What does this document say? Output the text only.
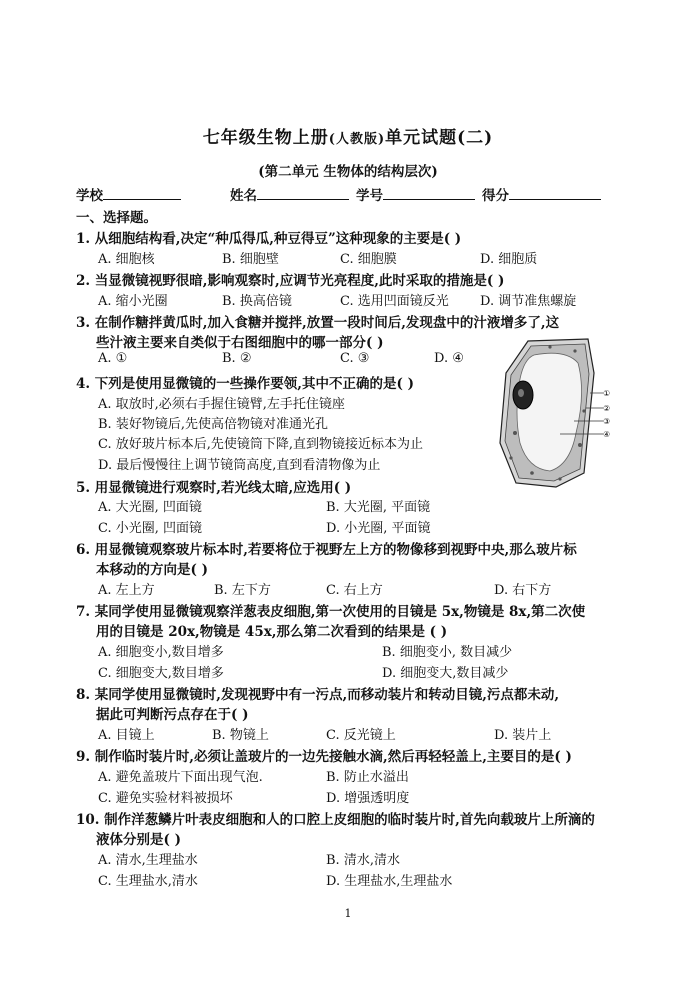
七年级生物上册(人教版)单元试题(二)
(第二单元 生物体的结构层次)
学校	姓名	学号	得分
一、选择题。
1. 从细胞结构看,决定“种瓜得瓜,种豆得豆”这种现象的主要是( )
A. 细胞核	B. 细胞壁	C. 细胞膜	D. 细胞质
2. 当显微镜视野很暗,影响观察时,应调节光亮程度,此时采取的措施是( )
A. 缩小光圈	B. 换高倍镜	C. 选用凹面镜反光 D. 调节准焦螺旋
3. 在制作糖拌黄瓜时,加入食糖并搅拌,放置一段时间后,发现盘中的汁液增多了,这
些汁液主要来自类似于右图细胞中的哪一部分( )
A. ①	B. ②	C. ③	D. ④
①
②
③
④
4. 下列是使用显微镜的一些操作要领,其中不正确的是( )
A. 取放时,必须右手握住镜臂,左手托住镜座
B. 装好物镜后,先使高倍物镜对准通光孔
C. 放好玻片标本后,先使镜筒下降,直到物镜接近标本为止
D. 最后慢慢往上调节镜筒高度,直到看清物像为止
5. 用显微镜进行观察时,若光线太暗,应选用( )
A. 大光圈, 凹面镜	B. 大光圈, 平面镜
C. 小光圈, 凹面镜	D. 小光圈, 平面镜
6. 用显微镜观察玻片标本时,若要将位于视野左上方的物像移到视野中央,那么玻片标
本移动的方向是( )
A. 左上方	B. 左下方	C. 右上方	D. 右下方
7. 某同学使用显微镜观察洋葱表皮细胞,第一次使用的目镜是 5x,物镜是 8x,第二次使
用的目镜是 20x,物镜是 45x,那么第二次看到的结果是 ( )
A. 细胞变小,数目增多	B. 细胞变小, 数目减少
C. 细胞变大,数目增多	D. 细胞变大,数目减少
8. 某同学使用显微镜时,发现视野中有一污点,而移动装片和转动目镜,污点都未动,
据此可判断污点存在于( )
A. 目镜上	B. 物镜上	C. 反光镜上	D. 装片上
9. 制作临时装片时,必须让盖玻片的一边先接触水滴,然后再轻轻盖上,主要目的是( )
A. 避免盖玻片下面出现气泡.	B. 防止水溢出
C. 避免实验材料被损坏	D. 增强透明度
10. 制作洋葱鳞片叶表皮细胞和人的口腔上皮细胞的临时装片时,首先向载玻片上所滴的
液体分别是( )
A. 清水,生理盐水	B. 清水,清水
C. 生理盐水,清水	D. 生理盐水,生理盐水
1
